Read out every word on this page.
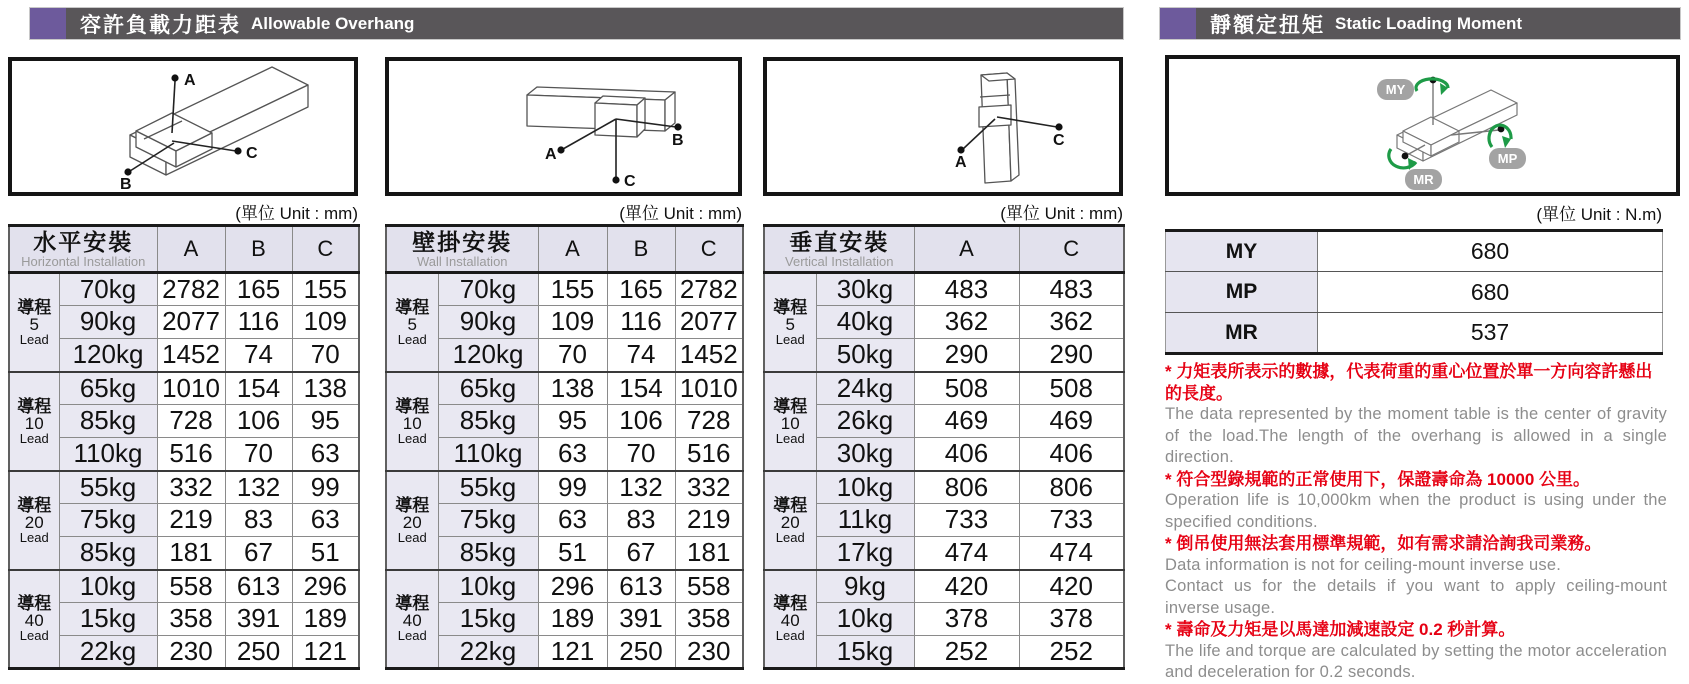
容許負載力距表 Allowable Overhang	靜額定扭矩 Static Loading Moment
A
B
C	A
B
C
A
C
MY
MP
MR
(單位 Unit : mm)	(單位 Unit : mm)	(單位 Unit : mm)	(單位 Unit : N.m)
* 力矩表所表示的數據，代表荷重的重心位置於單一方向容許懸出的長度。
The data represented by the moment table is the center of gravity of the load.The length of the overhang is allowed in a single direction.
* 符合型錄規範的正常使用下，保證壽命為 10000 公里。
Operation life is 10,000km when the product is using under the specified conditions.
* 倒吊使用無法套用標準規範，如有需求請洽詢我司業務。
Data information is not for ceiling-mount inverse use.
Contact us for the details if you want to apply ceiling-mount inverse usage.
* 壽命及力矩是以馬達加減速設定 0.2 秒計算。
The life and torque are calculated by setting the motor acceleration and deceleration for 0.2 seconds.
水平安裝
Horizontal Installation		A	B	C

導程
5
Lead	70kg	2782	165	155
	90kg	2077	116	109
	120kg	1452	74	70

導程
10
Lead	65kg	1010	154	138
	85kg	728	106	95
	110kg	516	70	63

導程
20
Lead	55kg	332	132	99
	75kg	219	83	63
	85kg	181	67	51

導程
40
Lead	10kg	558	613	296
	15kg	358	391	189
	22kg	230	250	121
壁掛安裝
Wall Installation		A	B	C

導程
5
Lead	70kg	155	165	2782
	90kg	109	116	2077
	120kg	70	74	1452

導程
10
Lead	65kg	138	154	1010
	85kg	95	106	728
	110kg	63	70	516

導程
20
Lead	55kg	99	132	332
	75kg	63	83	219
	85kg	51	67	181

導程
40
Lead	10kg	296	613	558
	15kg	189	391	358
	22kg	121	250	230
垂直安裝
Vertical Installation		A	C

導程
5
Lead	30kg	483	483
	40kg	362	362
	50kg	290	290

導程
10
Lead	24kg	508	508
	26kg	469	469
	30kg	406	406

導程
20
Lead	10kg	806	806
	11kg	733	733
	17kg	474	474

導程
40
Lead	9kg	420	420
	10kg	378	378
	15kg	252	252
MY	680
MP	680
MR	537
